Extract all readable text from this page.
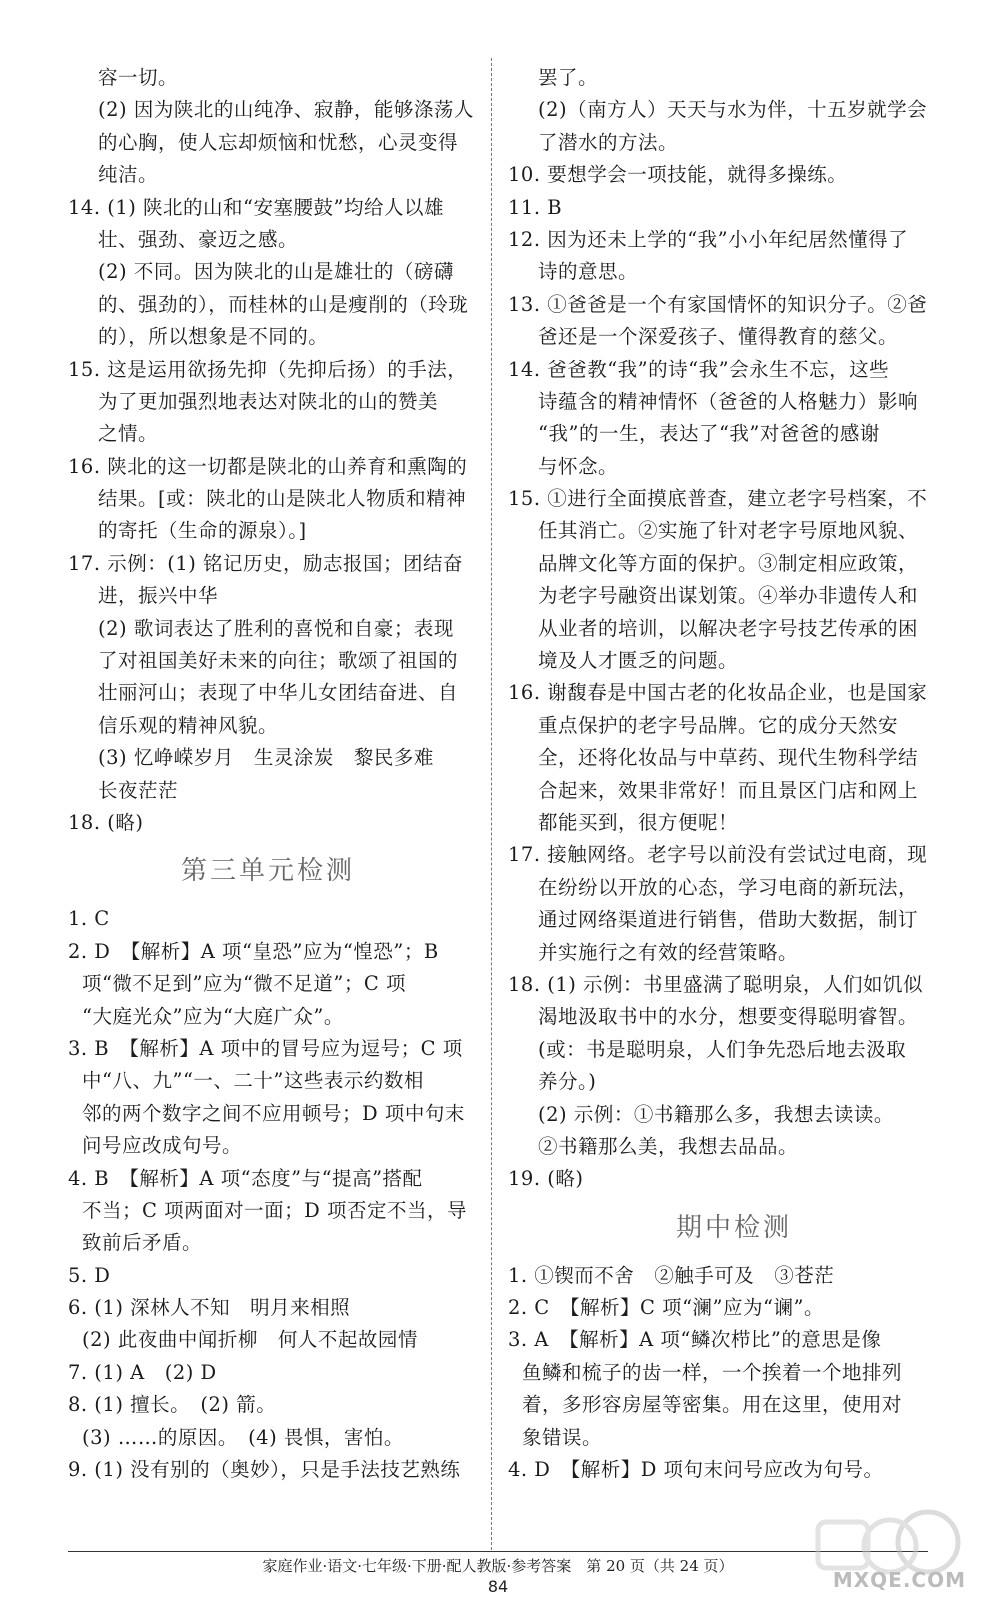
容一切。
(2) 因为陕北的山纯净、寂静，能够涤荡人
的心胸，使人忘却烦恼和忧愁，心灵变得
纯洁。
14. (1) 陕北的山和“安塞腰鼓”均给人以雄
壮、强劲、豪迈之感。
(2) 不同。因为陕北的山是雄壮的（磅礴
的、强劲的），而桂林的山是瘦削的（玲珑
的），所以想象是不同的。
15. 这是运用欲扬先抑（先抑后扬）的手法，
为了更加强烈地表达对陕北的山的赞美
之情。
16. 陕北的这一切都是陕北的山养育和熏陶的
结果。[或：陕北的山是陕北人物质和精神
的寄托（生命的源泉）。]
17. 示例：(1) 铭记历史，励志报国；团结奋
进，振兴中华
(2) 歌词表达了胜利的喜悦和自豪；表现
了对祖国美好未来的向往；歌颂了祖国的
壮丽河山；表现了中华儿女团结奋进、自
信乐观的精神风貌。
(3) 忆峥嵘岁月　生灵涂炭　黎民多难
长夜茫茫
18. (略)
第三单元检测
1. C
2. D　【解析】A 项“皇恐”应为“惶恐”；B
项“微不足到”应为“微不足道”；C 项
“大庭光众”应为“大庭广众”。
3. B　【解析】A 项中的冒号应为逗号；C 项
中“八、九”“一、二十”这些表示约数相
邻的两个数字之间不应用顿号；D 项中句末
问号应改成句号。
4. B　【解析】A 项“态度”与“提高”搭配
不当；C 项两面对一面；D 项否定不当，导
致前后矛盾。
5. D
6. (1) 深林人不知　明月来相照
(2) 此夜曲中闻折柳　何人不起故园情
7. (1) A　(2) D
8. (1) 擅长。　(2) 箭。
(3) ……的原因。　(4) 畏惧，害怕。
9. (1) 没有别的（奥妙），只是手法技艺熟练
罢了。
(2)（南方人）天天与水为伴，十五岁就学会
了潜水的方法。
10. 要想学会一项技能，就得多操练。
11. B
12. 因为还未上学的“我”小小年纪居然懂得了
诗的意思。
13. ①爸爸是一个有家国情怀的知识分子。②爸
爸还是一个深爱孩子、懂得教育的慈父。
14. 爸爸教“我”的诗“我”会永生不忘，这些
诗蕴含的精神情怀（爸爸的人格魅力）影响
“我”的一生，表达了“我”对爸爸的感谢
与怀念。
15. ①进行全面摸底普查，建立老字号档案，不
任其消亡。②实施了针对老字号原地风貌、
品牌文化等方面的保护。③制定相应政策，
为老字号融资出谋划策。④举办非遗传人和
从业者的培训，以解决老字号技艺传承的困
境及人才匮乏的问题。
16. 谢馥春是中国古老的化妆品企业，也是国家
重点保护的老字号品牌。它的成分天然安
全，还将化妆品与中草药、现代生物科学结
合起来，效果非常好！而且景区门店和网上
都能买到，很方便呢！
17. 接触网络。老字号以前没有尝试过电商，现
在纷纷以开放的心态，学习电商的新玩法，
通过网络渠道进行销售，借助大数据，制订
并实施行之有效的经营策略。
18. (1) 示例：书里盛满了聪明泉，人们如饥似
渴地汲取书中的水分，想要变得聪明睿智。
(或：书是聪明泉，人们争先恐后地去汲取
养分。)
(2) 示例：①书籍那么多，我想去读读。
②书籍那么美，我想去品品。
19. (略)
期中检测
1. ①锲而不舍　②触手可及　③苍茫
2. C　【解析】C 项“澜”应为“谰”。
3. A　【解析】A 项“鳞次栉比”的意思是像
鱼鳞和梳子的齿一样，一个挨着一个地排列
着，多形容房屋等密集。用在这里，使用对
象错误。
4. D　【解析】D 项句末问号应改为句号。
家庭作业·语文·七年级·下册·配人教版·参考答案　第 20 页（共 24 页）
84	MXQE.COM
